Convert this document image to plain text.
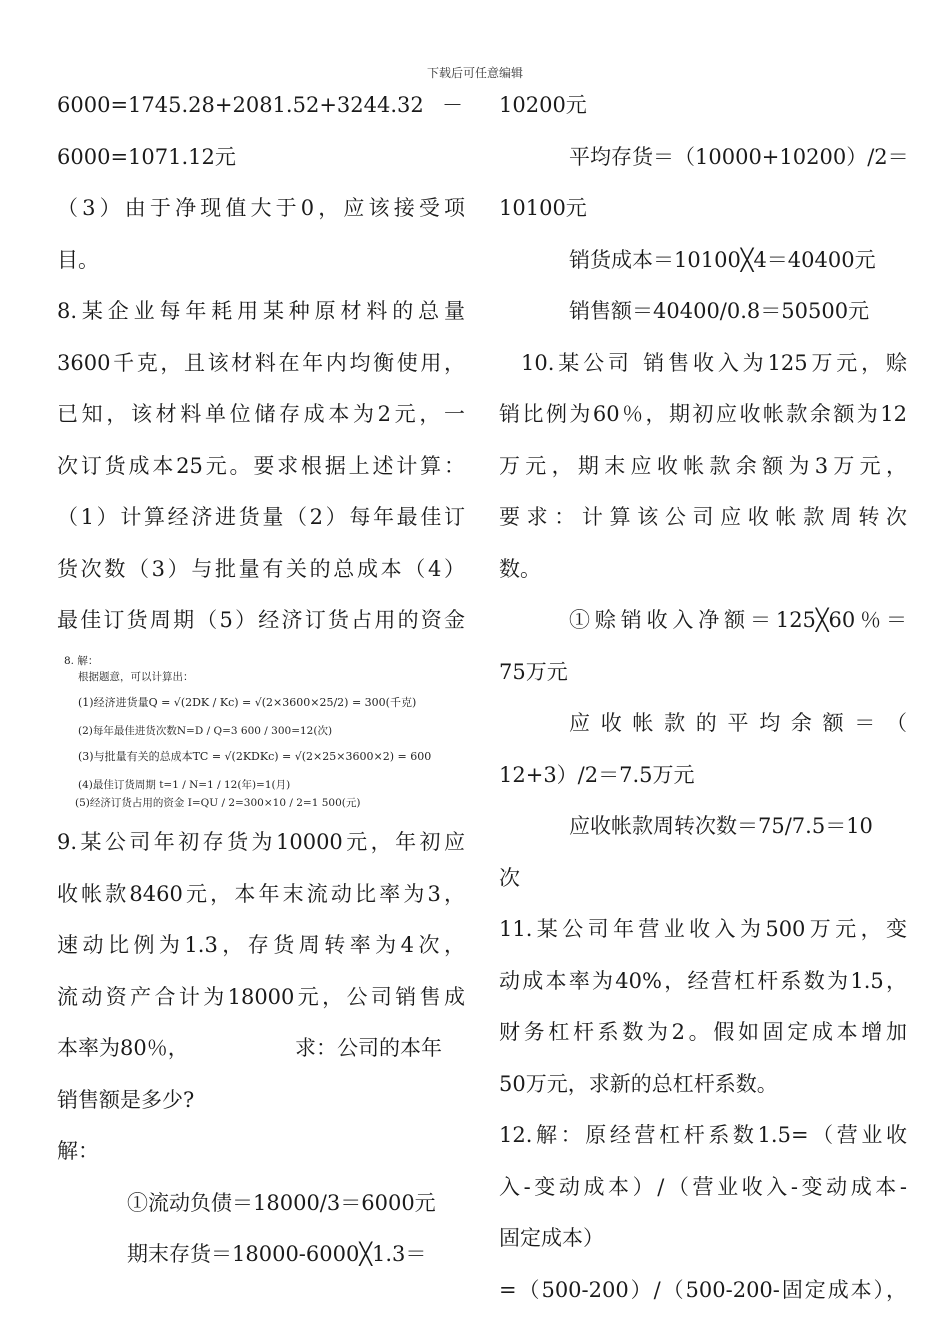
下载后可任意编辑
6000=1745.28+2081.52+3244.32 －
6000=1071.12元
（3）由于净现值大于0，应该接受项
目。
8.某企业每年耗用某种原材料的总量
3600千克，且该材料在年内均衡使用，
已知，该材料单位储存成本为2元，一
次订货成本25元。要求根据上述计算：
（1）计算经济进货量（2）每年最佳订
货次数（3）与批量有关的总成本（4）
最佳订货周期（5）经济订货占用的资金
9.某公司年初存货为10000元，年初应
收帐款8460元，本年末流动比率为3，
速动比例为1.3，存货周转率为4次，
流动资产合计为18000元，公司销售成
本率为80％，	求：公司的本年
销售额是多少?
解：
①流动负债＝18000/3＝6000元
期末存货＝18000-6000╳1.3＝
8. 解：
根据题意，可以计算出：
(1)经济进货量Q = √(2DK / Kc) = √(2×3600×25/2) = 300(千克)
(2)每年最佳进货次数N=D / Q=3 600 / 300=12(次)
(3)与批量有关的总成本TC = √(2KDKc) = √(2×25×3600×2) = 600
(4)最佳订货周期 t=1 / N=1 / 12(年)=1(月)
(5)经济订货占用的资金 I=QU / 2=300×10 / 2=1 500(元)
10200元
平均存货＝（10000+10200）/2＝
10100元
销货成本＝10100╳4＝40400元
销售额＝40400/0.8＝50500元
10.某公司 销售收入为125万元，赊
销比例为60％，期初应收帐款余额为12
万元，期末应收帐款余额为3万元，
要求：计算该公司应收帐款周转次
数。
①赊销收入净额＝125╳60％＝
75万元
应收帐款的平均余额＝（
12+3）/2＝7.5万元
应收帐款周转次数＝75/7.5＝10
次
11.某公司年营业收入为500万元，变
动成本率为40%，经营杠杆系数为1.5，
财务杠杆系数为2。假如固定成本增加
50万元，求新的总杠杆系数。
12.解：原经营杠杆系数1.5=（营业收
入-变动成本）/（营业收入-变动成本-
固定成本）
=（500-200）/（500-200-固定成本），
